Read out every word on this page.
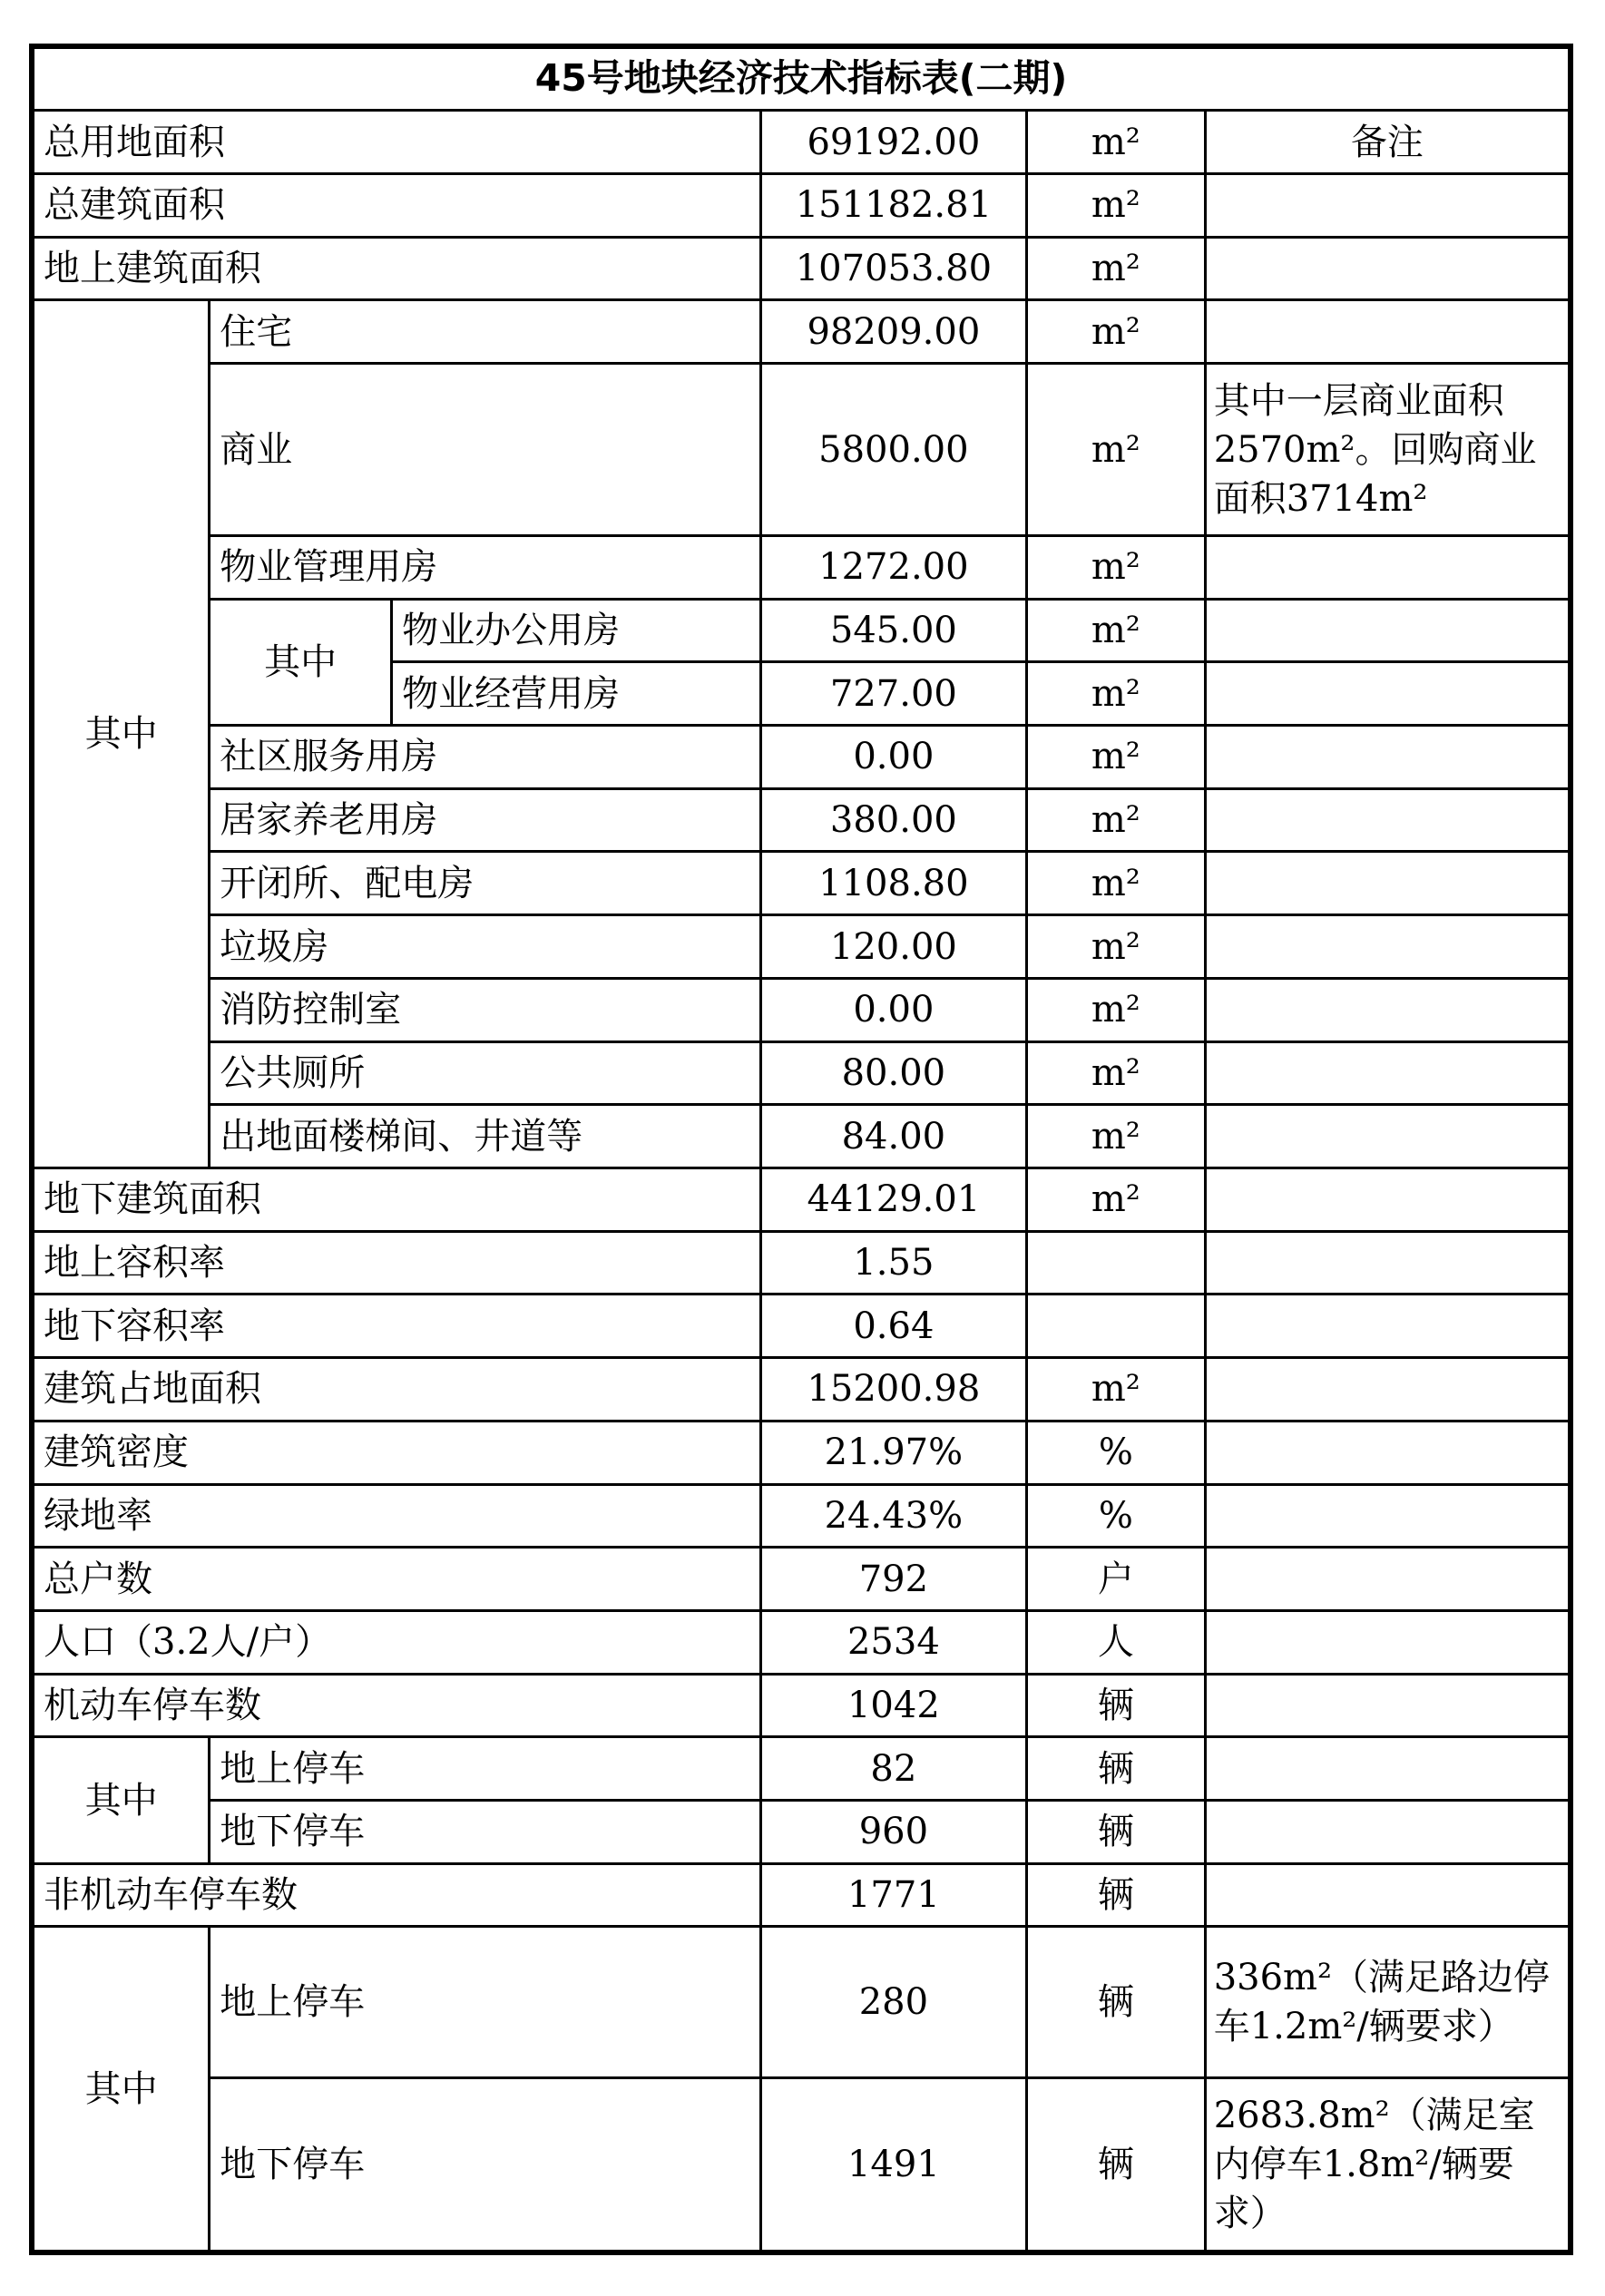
45号地块经济技术指标表(二期)					
总用地面积			69192.00	m²	备注
总建筑面积			151182.81	m²	
地上建筑面积			107053.80	m²	
其中	住宅		98209.00	m²	
	商业		5800.00	m²	其中一层商业面积2570m²。回购商业面积3714m²
	物业管理用房		1272.00	m²	
	其中	物业办公用房	545.00	m²	
		物业经营用房	727.00	m²	
	社区服务用房		0.00	m²	
	居家养老用房		380.00	m²	
	开闭所、配电房		1108.80	m²	
	垃圾房		120.00	m²	
	消防控制室		0.00	m²	
	公共厕所		80.00	m²	
	出地面楼梯间、井道等		84.00	m²	
地下建筑面积			44129.01	m²	
地上容积率			1.55		
地下容积率			0.64		
建筑占地面积			15200.98	m²	
建筑密度			21.97%	%	
绿地率			24.43%	%	
总户数			792	户	
人口（3.2人/户）			2534	人	
机动车停车数			1042	辆	
其中	地上停车		82	辆	
	地下停车		960	辆	
非机动车停车数			1771	辆	
其中	地上停车		280	辆	336m²（满足路边停车1.2m²/辆要求）
	地下停车		1491	辆	2683.8m²（满足室内停车1.8m²/辆要求）
